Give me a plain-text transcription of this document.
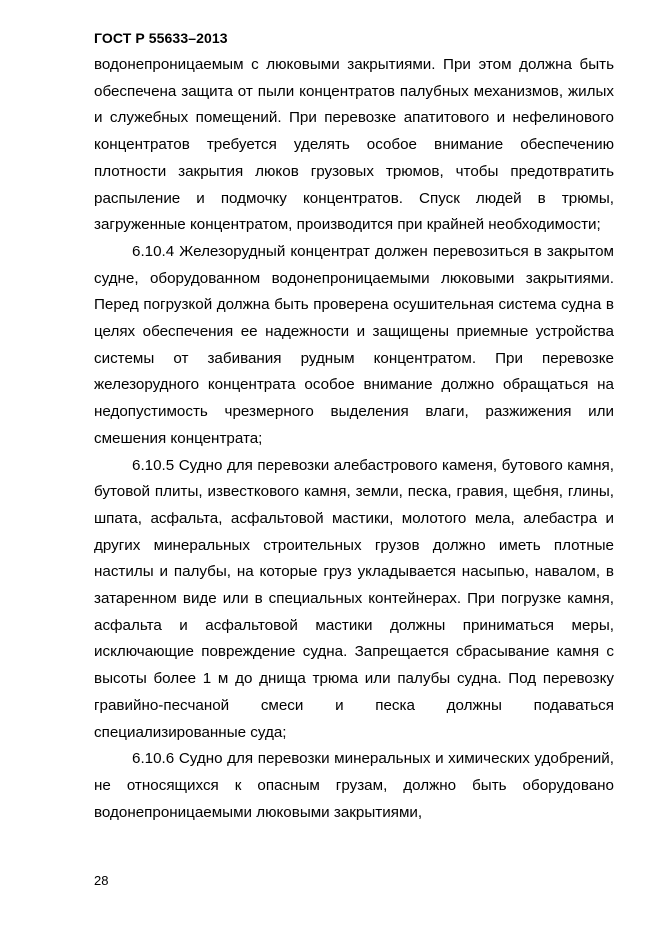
ГОСТ Р 55633–2013

водонепроницаемым с люковыми закрытиями. При этом должна быть обеспечена защита от пыли концентратов палубных механизмов, жилых и служебных помещений. При перевозке апатитового и нефелинового концентратов требуется уделять особое внимание обеспечению плотности закрытия люков грузовых трюмов, чтобы предотвратить распыление и подмочку концентратов. Спуск людей в трюмы, загруженные концентратом, производится при крайней необходимости;

6.10.4 Железорудный концентрат должен перевозиться в закрытом судне, оборудованном водонепроницаемыми люковыми закрытиями. Перед погрузкой должна быть проверена осушительная система судна в целях обеспечения ее надежности и защищены приемные устройства системы от забивания рудным концентратом. При перевозке железорудного концентрата особое внимание должно обращаться на недопустимость чрезмерного выделения влаги, разжижения или смешения концентрата;

6.10.5 Судно для перевозки алебастрового каменя, бутового камня, бутовой плиты, известкового камня, земли, песка, гравия, щебня, глины, шпата, асфальта, асфальтовой мастики, молотого мела, алебастра и других минеральных строительных грузов должно иметь плотные настилы и палубы, на которые груз укладывается насыпью, навалом, в затаренном виде или в специальных контейнерах. При погрузке камня, асфальта и асфальтовой мастики должны приниматься меры, исключающие повреждение судна. Запрещается сбрасывание камня с высоты более 1 м до днища трюма или палубы судна. Под перевозку гравийно-песчаной смеси и песка должны подаваться специализированные суда;

6.10.6 Судно для перевозки минеральных и химических удобрений, не относящихся к опасным грузам, должно быть оборудовано водонепроницаемыми люковыми закрытиями,

28
